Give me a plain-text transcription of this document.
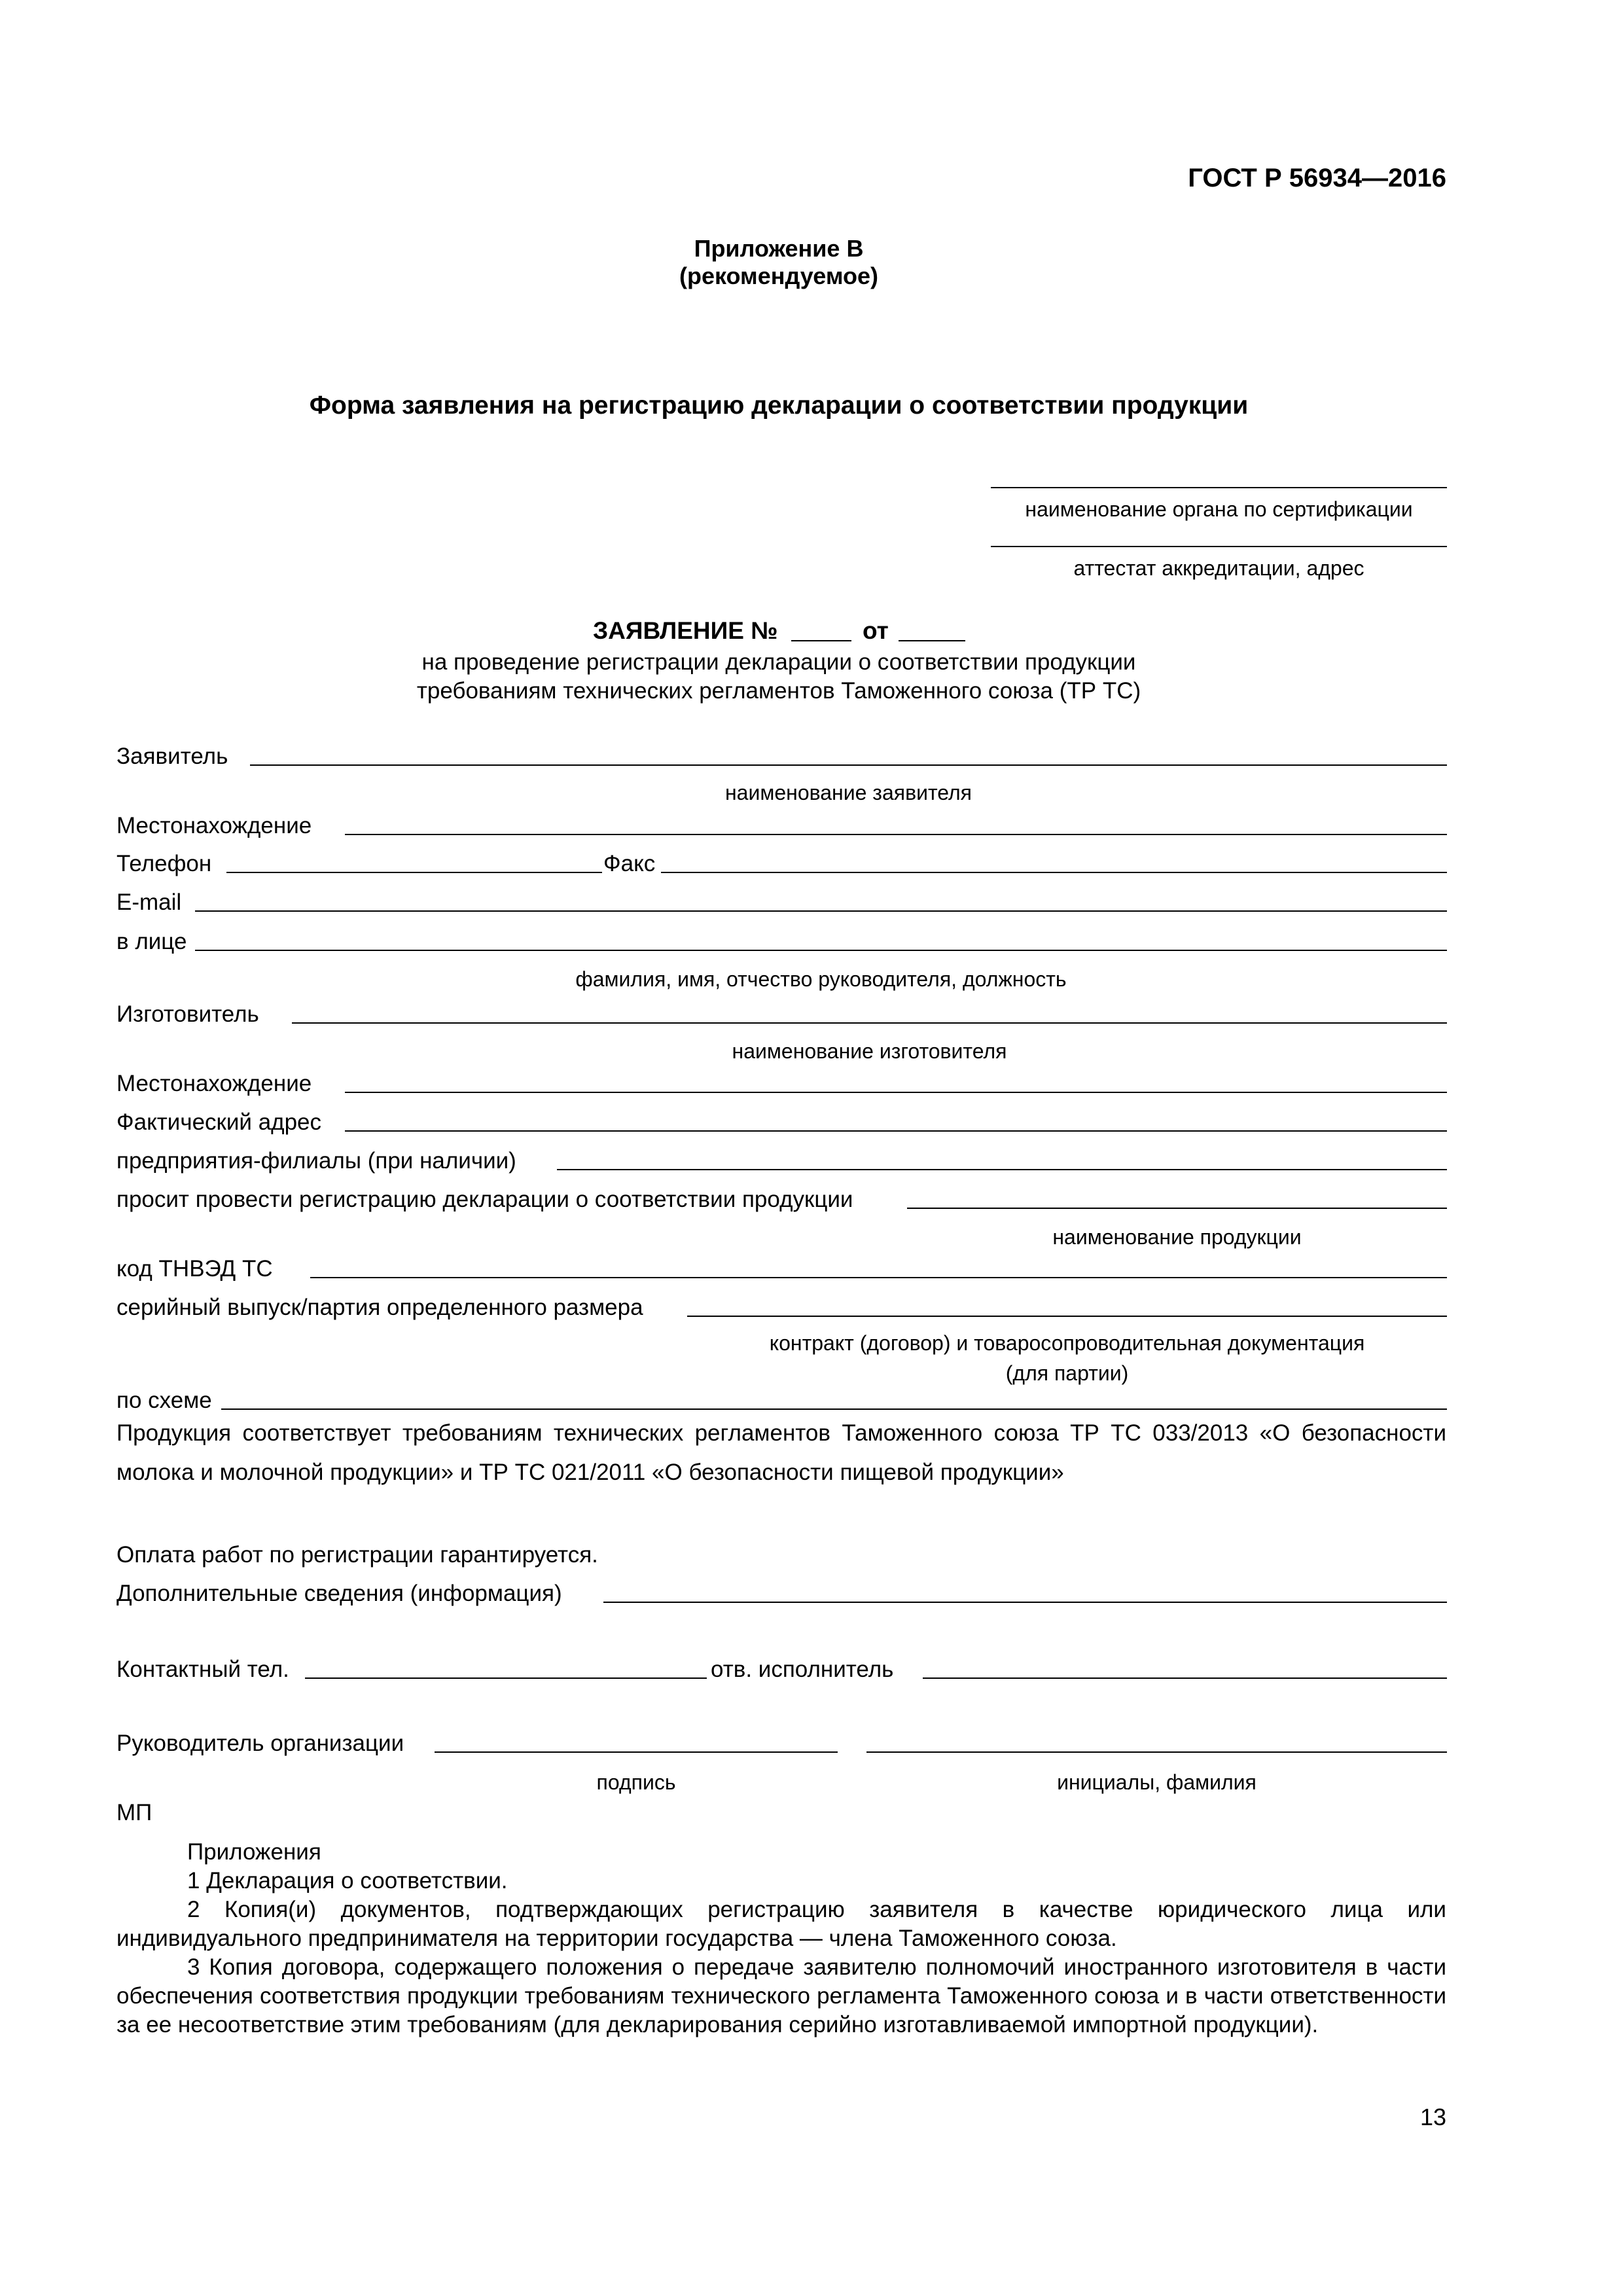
ГОСТ Р 56934—2016
Приложение В
(рекомендуемое)
Форма заявления на регистрацию декларации о соответствии продукции
наименование органа по сертификации
аттестат аккредитации, адрес
ЗАЯВЛЕНИЕ №	от
на проведение регистрации декларации о соответствии продукции
требованиям технических регламентов Таможенного союза (ТР ТС)
Заявитель
наименование заявителя
Местонахождение
Телефон	Факс
E-mail
в лице
фамилия, имя, отчество руководителя, должность
Изготовитель
наименование изготовителя
Местонахождение
Фактический адрес
предприятия-филиалы (при наличии)
просит провести регистрацию декларации о соответствии продукции
наименование продукции
код ТНВЭД ТС
серийный выпуск/партия определенного размера
контракт (договор) и товаросопроводительная документация
(для партии)
по схеме
Продукция соответствует требованиям технических регламентов Таможенного союза ТР ТС 033/2013 «О безопасности молока и молочной продукции» и ТР ТС 021/2011 «О безопасности пищевой продукции»
Оплата работ по регистрации гарантируется.
Дополнительные сведения (информация)
Контактный тел.	отв. исполнитель
Руководитель организации
подпись	инициалы, фамилия
МП

Приложения

1 Декларация о соответствии.

2 Копия(и) документов, подтверждающих регистрацию заявителя в качестве юридического лица или индивидуального предпринимателя на территории государства — члена Таможенного союза.

3 Копия договора, содержащего положения о передаче заявителю полномочий иностранного изготовителя в части обеспечения соответствия продукции требованиям технического регламента Таможенного союза и в части ответственности за ее несоответствие этим требованиям (для декларирования серийно изготавливаемой импортной продукции).

13
